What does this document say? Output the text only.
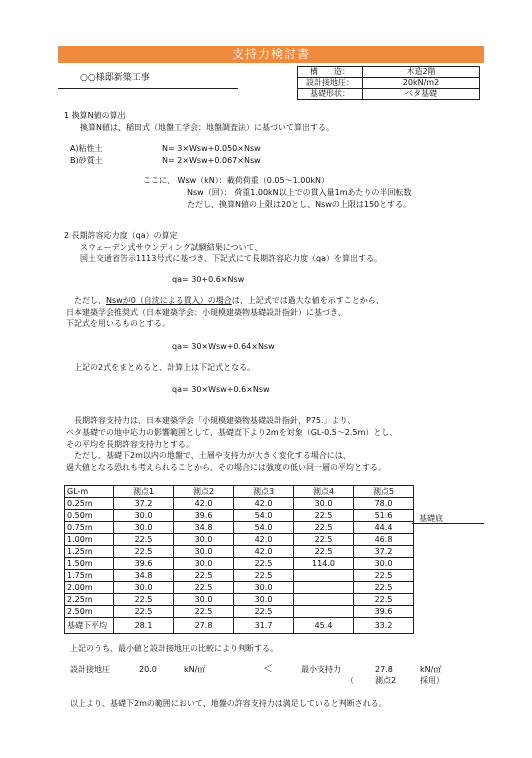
支持力検討書
○○様邸新築工事
構　　造：	木造2階
設計接地圧：	20kN/m2
基礎形状：	ベタ基礎
1 換算N値の算出
換算N値は、稲田式（地盤工学会：地盤調査法）に基づいて算出する。
A)粘性土	N= 3×Wsw+0.050×Nsw
B)砂質土	N= 2×Wsw+0.067×Nsw
ここに、 Wsw（kN）：載荷荷重（0.05～1.00kN）
Nsw（回）： 荷重1.00kN以上での貫入量1mあたりの半回転数
ただし、換算N値の上限は20とし、Nswの上限は150とする。
2 長期許容応力度（qa）の算定
スウェーデン式サウンディング試験結果について、
国土交通省告示1113号式に基づき、下記式にて長期許容応力度（qa）を算出する。
qa= 30+0.6×Nsw
ただし、Nswが0（自沈による貫入）の場合は、上記式では過大な値を示すことから、
日本建築学会推奨式（日本建築学会：小規模建築物基礎設計指針）に基づき、
下記式を用いるものとする。
qa= 30×Wsw+0.64×Nsw
上記の2式をまとめると、計算上は下記式となる。
qa= 30×Wsw+0.6×Nsw
長期許容支持力は、日本建築学会「小規模建築物基礎設計指針，P75.」より、
ベタ基礎での地中応力の影響範囲として、基礎直下より2mを対象（GL-0.5～2.5m）とし、
その平均を長期許容支持力とする。
ただし、基礎下2m以内の地盤で、土層や支持力が大きく変化する場合には、
過大値となる恐れも考えられることから、その場合には強度の低い同一層の平均とする。
GL-m	測点1	測点2	測点3	測点4	測点5
0.25m	37.2	42.0	42.0	30.0	78.0
0.50m	30.0	39.6	54.0	22.5	51.6
0.75m	30.0	34.8	54.0	22.5	44.4
1.00m	22.5	30.0	42.0	22.5	46.8
1.25m	22.5	30.0	42.0	22.5	37.2
1.50m	39.6	30.0	22.5	114.0	30.0
1.75m	34.8	22.5	22.5		22.5
2.00m	30.0	22.5	30.0		22.5
2.25m	22.5	30.0	30.0		22.5
2.50m	22.5	22.5	22.5		39.6
基礎下平均	28.1	27.8	31.7	45.4	33.2
基礎底
上記のうち、最小値と設計接地圧の比較により判断する。
設計接地圧	20.0	kN/㎡	＜	最小支持力	27.8	kN/㎡
（	測点2	採用）
以上より、基礎下2mの範囲において、地盤の許容支持力は満足していると判断される。
